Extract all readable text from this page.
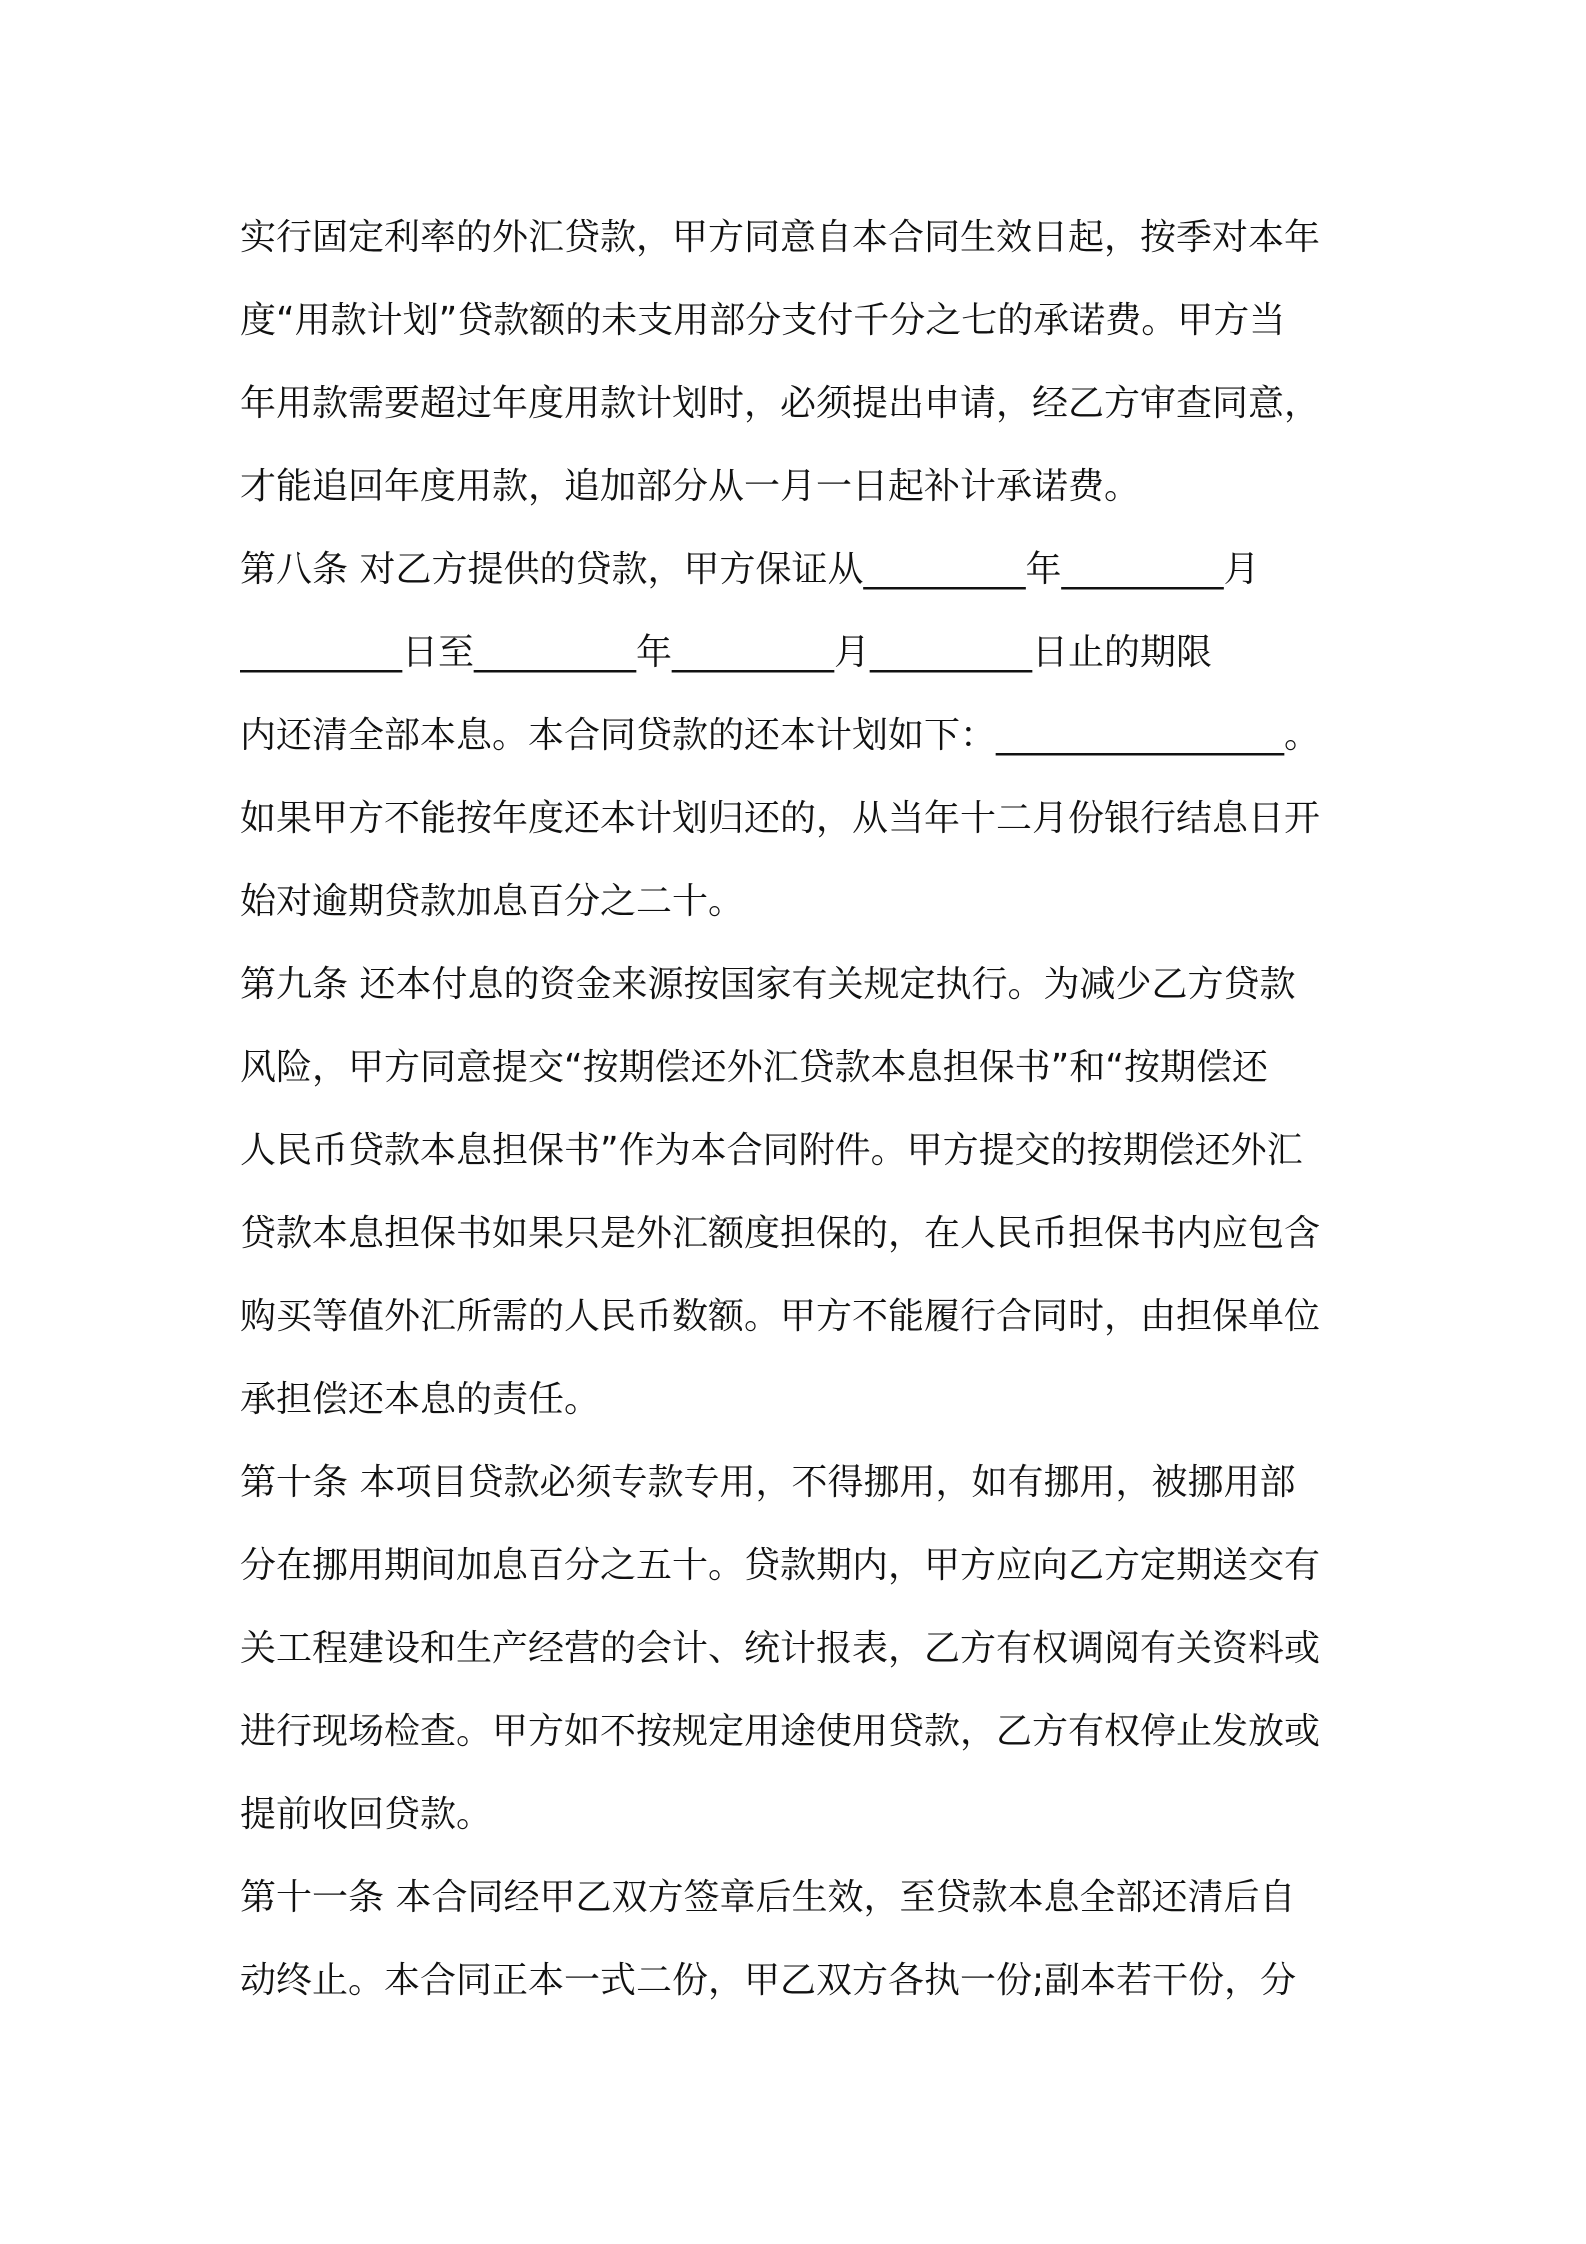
实行固定利率的外汇贷款，甲方同意自本合同生效日起，按季对本年
度“用款计划”贷款额的未支用部分支付千分之七的承诺费。甲方当
年用款需要超过年度用款计划时，必须提出申请，经乙方审查同意，
才能追回年度用款，追加部分从一月一日起补计承诺费。
第八条 对乙方提供的贷款，甲方保证从_________年_________月
_________日至_________年_________月_________日止的期限
内还清全部本息。本合同贷款的还本计划如下：________________。
如果甲方不能按年度还本计划归还的，从当年十二月份银行结息日开
始对逾期贷款加息百分之二十。
第九条 还本付息的资金来源按国家有关规定执行。为减少乙方贷款
风险，甲方同意提交“按期偿还外汇贷款本息担保书”和“按期偿还
人民币贷款本息担保书”作为本合同附件。甲方提交的按期偿还外汇
贷款本息担保书如果只是外汇额度担保的，在人民币担保书内应包含
购买等值外汇所需的人民币数额。甲方不能履行合同时，由担保单位
承担偿还本息的责任。
第十条 本项目贷款必须专款专用，不得挪用，如有挪用，被挪用部
分在挪用期间加息百分之五十。贷款期内，甲方应向乙方定期送交有
关工程建设和生产经营的会计、统计报表，乙方有权调阅有关资料或
进行现场检查。甲方如不按规定用途使用贷款，乙方有权停止发放或
提前收回贷款。
第十一条 本合同经甲乙双方签章后生效，至贷款本息全部还清后自
动终止。本合同正本一式二份，甲乙双方各执一份;副本若干份，分
